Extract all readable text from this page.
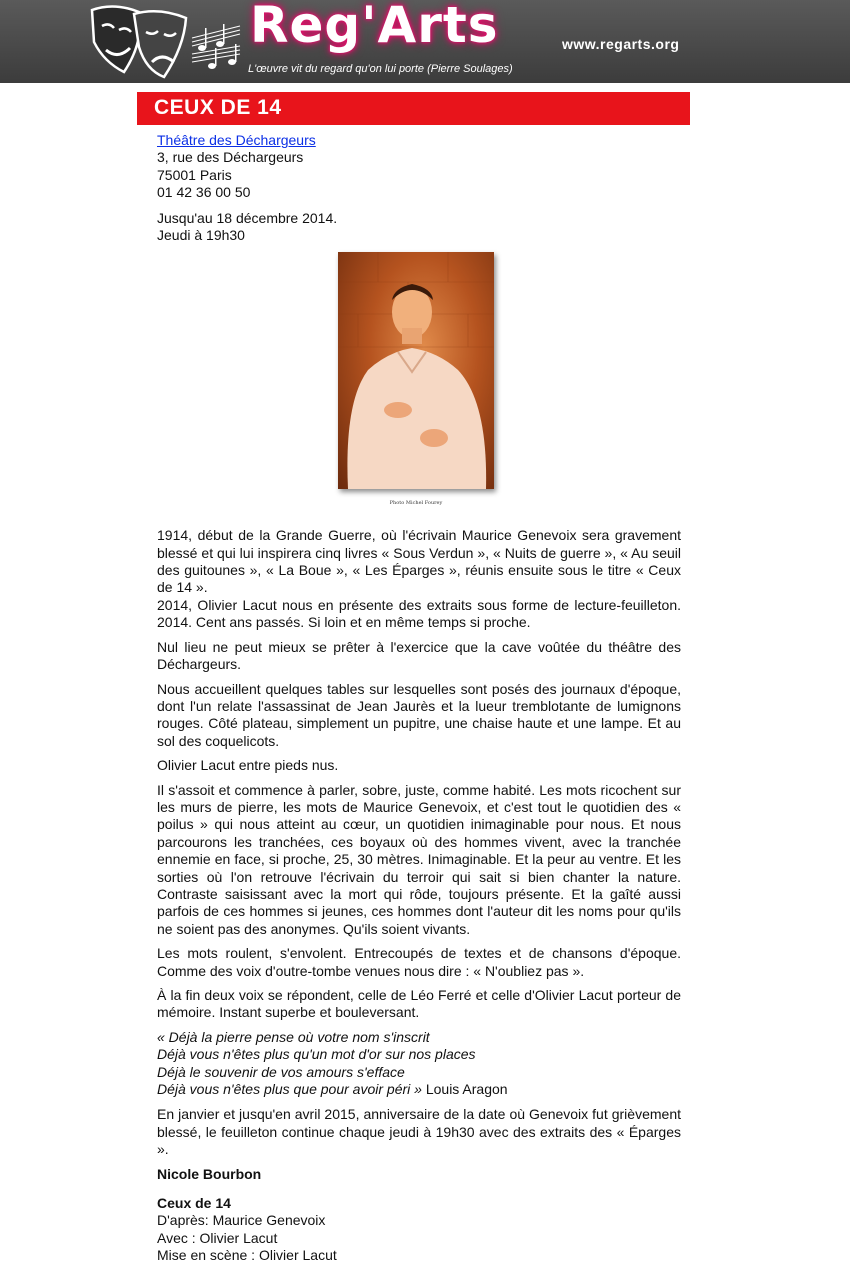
Reg'Arts	www.regarts.org
L'œuvre vit du regard qu'on lui porte (Pierre Soulages)
CEUX DE 14

Théâtre des Déchargeurs

3, rue des Déchargeurs

75001 Paris

01 42 36 00 50

Jusqu'au 18 décembre 2014.

Jeudi à 19h30

Photo Michel Fourey

1914, début de la Grande Guerre, où l'écrivain Maurice Genevoix sera gravement blessé et qui lui inspirera cinq livres « Sous Verdun », « Nuits de guerre », « Au seuil des guitounes », « La Boue », « Les Éparges », réunis ensuite sous le titre « Ceux de 14 ».

2014, Olivier Lacut nous en présente des extraits sous forme de lecture-feuilleton. 2014. Cent ans passés. Si loin et en même temps si proche.

Nul lieu ne peut mieux se prêter à l'exercice que la cave voûtée du théâtre des Déchargeurs.

Nous accueillent quelques tables sur lesquelles sont posés des journaux d'époque, dont l'un relate l'assassinat de Jean Jaurès et la lueur tremblotante de lumignons rouges. Côté plateau, simplement un pupitre, une chaise haute et une lampe. Et au sol des coquelicots.

Olivier Lacut entre pieds nus.

Il s'assoit et commence à parler, sobre, juste, comme habité. Les mots ricochent sur les murs de pierre, les mots de Maurice Genevoix, et c'est tout le quotidien des « poilus » qui nous atteint au cœur, un quotidien inimaginable pour nous. Et nous parcourons les tranchées, ces boyaux où des hommes vivent, avec la tranchée ennemie en face, si proche, 25, 30 mètres. Inimaginable. Et la peur au ventre. Et les sorties où l'on retrouve l'écrivain du terroir qui sait si bien chanter la nature. Contraste saisissant avec la mort qui rôde, toujours présente. Et la gaîté aussi parfois de ces hommes si jeunes, ces hommes dont l'auteur dit les noms pour qu'ils ne soient pas des anonymes. Qu'ils soient vivants.

Les mots roulent, s'envolent. Entrecoupés de textes et de chansons d'époque. Comme des voix d'outre-tombe venues nous dire : « N'oubliez pas ».

À la fin deux voix se répondent, celle de Léo Ferré et celle d'Olivier Lacut porteur de mémoire. Instant superbe et bouleversant.

« Déjà la pierre pense où votre nom s'inscrit
Déjà vous n'êtes plus qu'un mot d'or sur nos places
Déjà le souvenir de vos amours s'efface
Déjà vous n'êtes plus que pour avoir péri » Louis Aragon

En janvier et jusqu'en avril 2015, anniversaire de la date où Genevoix fut grièvement blessé, le feuilleton continue chaque jeudi à 19h30 avec des extraits des « Éparges ».

Nicole Bourbon

Ceux de 14

D'après: Maurice Genevoix

Avec : Olivier Lacut

Mise en scène : Olivier Lacut
